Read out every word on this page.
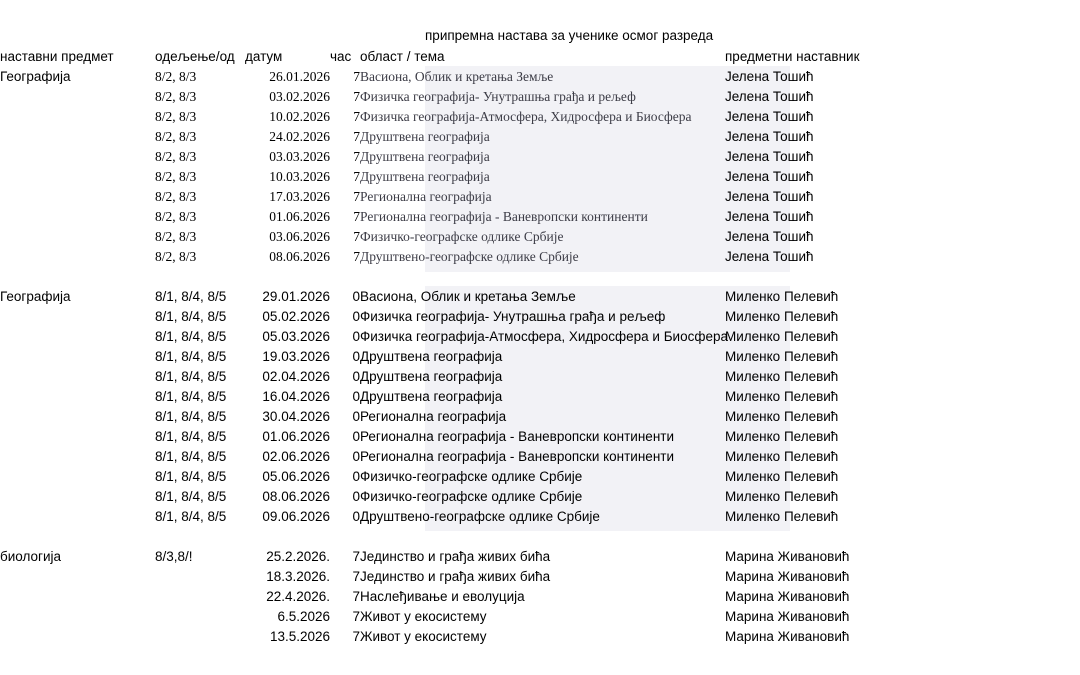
припремна настава за ученике осмог разреда
наставни предмет	одељење/од	датум	час	област / тема	предметни наставник	
Географија	8/2, 8/3	26.01.2026	7	Васиона, Облик и кретања Земље	Јелена Тошић	
	8/2, 8/3	03.02.2026	7	Физичка географија- Унутрашња грађа и рељеф	Јелена Тошић	
	8/2, 8/3	10.02.2026	7	Физичка географија-Атмосфера, Хидросфера и Биосфера	Јелена Тошић	
	8/2, 8/3	24.02.2026	7	Друштвена географија	Јелена Тошић	
	8/2, 8/3	03.03.2026	7	Друштвена географија	Јелена Тошић	
	8/2, 8/3	10.03.2026	7	Друштвена географија	Јелена Тошић	
	8/2, 8/3	17.03.2026	7	Регионална географија	Јелена Тошић	
	8/2, 8/3	01.06.2026	7	Регионална географија - Ваневропски континенти	Јелена Тошић	
	8/2, 8/3	03.06.2026	7	Физичко-географске одлике Србије	Јелена Тошић	
	8/2, 8/3	08.06.2026	7	Друштвено-географске одлике Србије	Јелена Тошић	

Географија	8/1, 8/4, 8/5	29.01.2026	0	Васиона, Облик и кретања Земље	Миленко Пелевић	
	8/1, 8/4, 8/5	05.02.2026	0	Физичка географија- Унутрашња грађа и рељеф	Миленко Пелевић	
	8/1, 8/4, 8/5	05.03.2026	0	Физичка географија-Атмосфера, Хидросфера и Биосфера	Миленко Пелевић	
	8/1, 8/4, 8/5	19.03.2026	0	Друштвена географија	Миленко Пелевић	
	8/1, 8/4, 8/5	02.04.2026	0	Друштвена географија	Миленко Пелевић	
	8/1, 8/4, 8/5	16.04.2026	0	Друштвена географија	Миленко Пелевић	
	8/1, 8/4, 8/5	30.04.2026	0	Регионална географија	Миленко Пелевић	
	8/1, 8/4, 8/5	01.06.2026	0	Регионална географија - Ваневропски континенти	Миленко Пелевић	
	8/1, 8/4, 8/5	02.06.2026	0	Регионална географија - Ваневропски континенти	Миленко Пелевић	
	8/1, 8/4, 8/5	05.06.2026	0	Физичко-географске одлике Србије	Миленко Пелевић	
	8/1, 8/4, 8/5	08.06.2026	0	Физичко-географске одлике Србије	Миленко Пелевић	
	8/1, 8/4, 8/5	09.06.2026	0	Друштвено-географске одлике Србије	Миленко Пелевић	

биологија	8/3,8/!	25.2.2026.	7	Јединство и грађа живих бића	Марина Живановић	
		18.3.2026.	7	Јединство и грађа живих бића	Марина Живановић	
		22.4.2026.	7	Наслеђивање и еволуција	Марина Живановић	
		6.5.2026	7	Живот у екосистему	Марина Живановић	
		13.5.2026	7	Живот у екосистему	Марина Живановић	
